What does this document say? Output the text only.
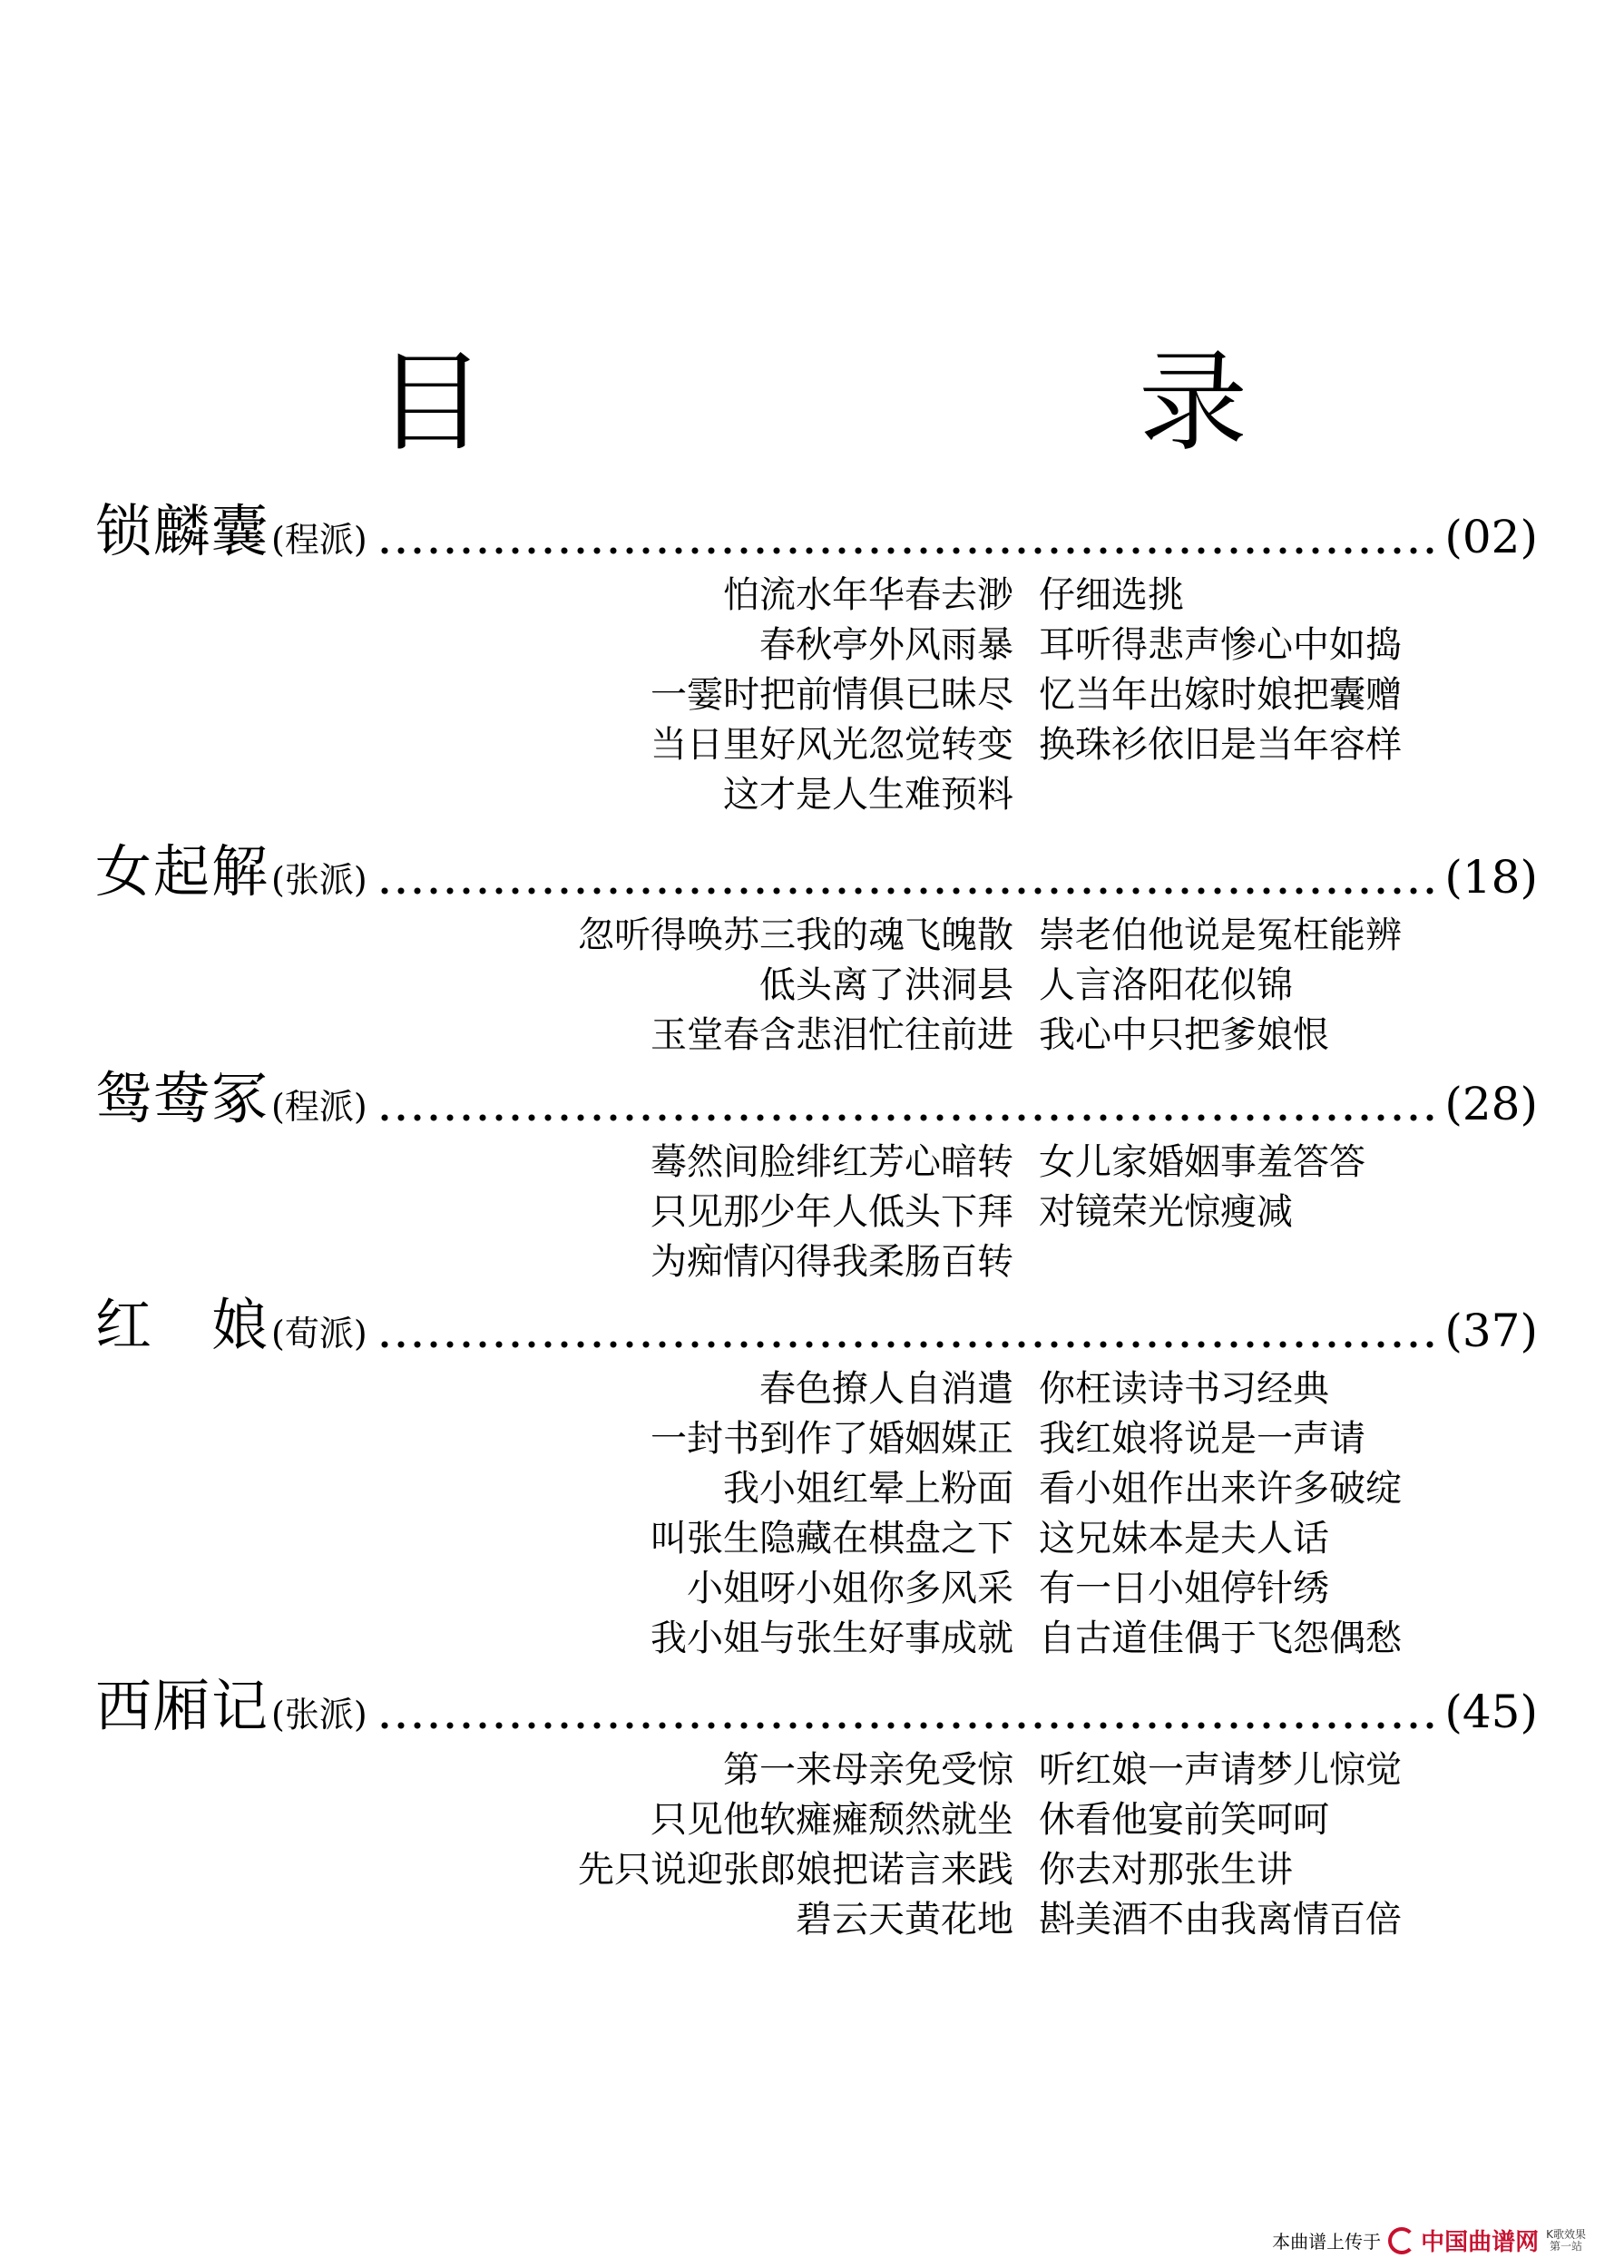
目　　录
锁麟囊 (程派)	(02)
怕流水年华春去渺 仔细选挑
春秋亭外风雨暴 耳听得悲声惨心中如捣
一霎时把前情俱已昧尽 忆当年出嫁时娘把囊赠
当日里好风光忽觉转变 换珠衫依旧是当年容样
这才是人生难预料
女起解 (张派)	(18)
忽听得唤苏三我的魂飞魄散 崇老伯他说是冤枉能辨
低头离了洪洞县 人言洛阳花似锦
玉堂春含悲泪忙往前进 我心中只把爹娘恨
鸳鸯冢 (程派)	(28)
蓦然间脸绯红芳心暗转 女儿家婚姻事羞答答
只见那少年人低头下拜 对镜荣光惊瘦减
为痴情闪得我柔肠百转
红　娘 (荀派)	(37)
春色撩人自消遣 你枉读诗书习经典
一封书到作了婚姻媒正 我红娘将说是一声请
我小姐红晕上粉面 看小姐作出来许多破绽
叫张生隐藏在棋盘之下 这兄妹本是夫人话
小姐呀小姐你多风采 有一日小姐停针绣
我小姐与张生好事成就 自古道佳偶于飞怨偶愁
西厢记 (张派)	(45)
第一来母亲免受惊 听红娘一声请梦儿惊觉
只见他软瘫瘫颓然就坐 休看他宴前笑呵呵
先只说迎张郎娘把诺言来践 你去对那张生讲
碧云天黄花地 斟美酒不由我离情百倍
本曲谱上传于 中国曲谱网 K歌效果
第一站
